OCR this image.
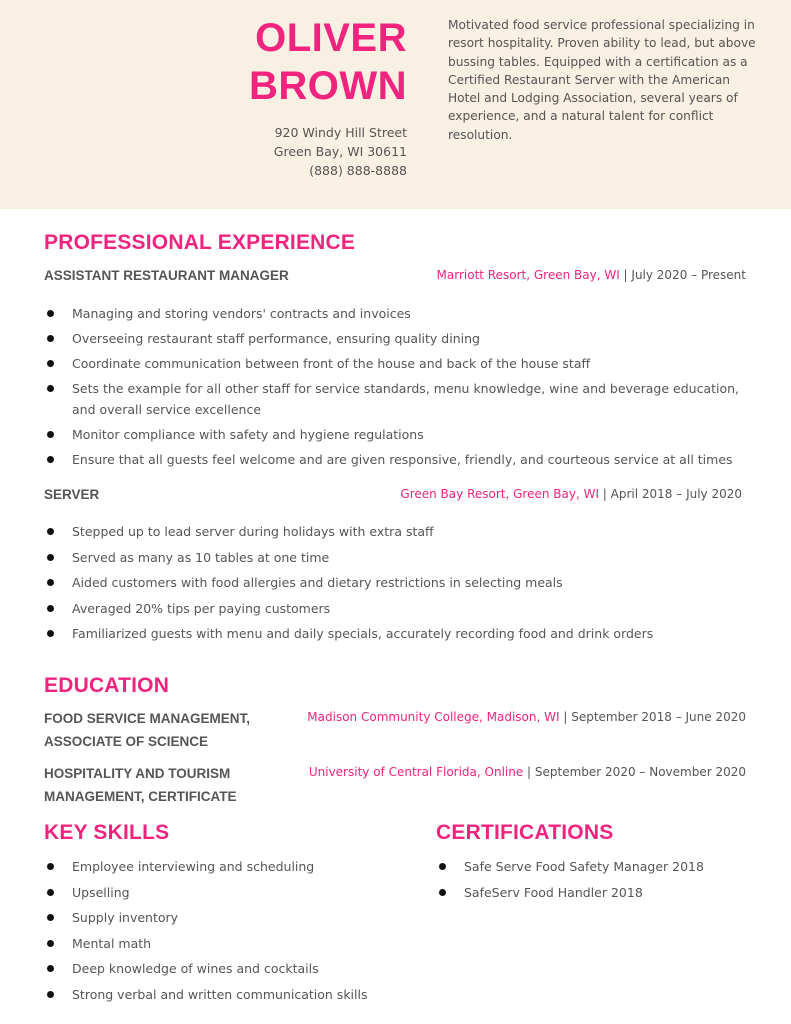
OLIVER
BROWN
920 Windy Hill Street
Green Bay, WI 30611
(888) 888-8888
Motivated food service professional specializing in resort hospitality. Proven ability to lead, but above bussing tables. Equipped with a certification as a Certified Restaurant Server with the American Hotel and Lodging Association, several years of experience, and a natural talent for conflict resolution.
PROFESSIONAL EXPERIENCE
ASSISTANT RESTAURANT MANAGER	Marriott Resort, Green Bay, WI | July 2020 – Present
Managing and storing vendors' contracts and invoices
Overseeing restaurant staff performance, ensuring quality dining
Coordinate communication between front of the house and back of the house staff
Sets the example for all other staff for service standards, menu knowledge, wine and beverage education, and overall service excellence
Monitor compliance with safety and hygiene regulations
Ensure that all guests feel welcome and are given responsive, friendly, and courteous service at all times
SERVER	Green Bay Resort, Green Bay, WI | April 2018 – July 2020
Stepped up to lead server during holidays with extra staff
Served as many as 10 tables at one time
Aided customers with food allergies and dietary restrictions in selecting meals
Averaged 20% tips per paying customers
Familiarized guests with menu and daily specials, accurately recording food and drink orders
EDUCATION
FOOD SERVICE MANAGEMENT,
ASSOCIATE OF SCIENCE
Madison Community College, Madison, WI | September 2018 – June 2020
HOSPITALITY AND TOURISM
MANAGEMENT, CERTIFICATE
University of Central Florida, Online | September 2020 – November 2020
KEY SKILLS
Employee interviewing and scheduling
Upselling
Supply inventory
Mental math
Deep knowledge of wines and cocktails
Strong verbal and written communication skills
CERTIFICATIONS
Safe Serve Food Safety Manager 2018
SafeServ Food Handler 2018
